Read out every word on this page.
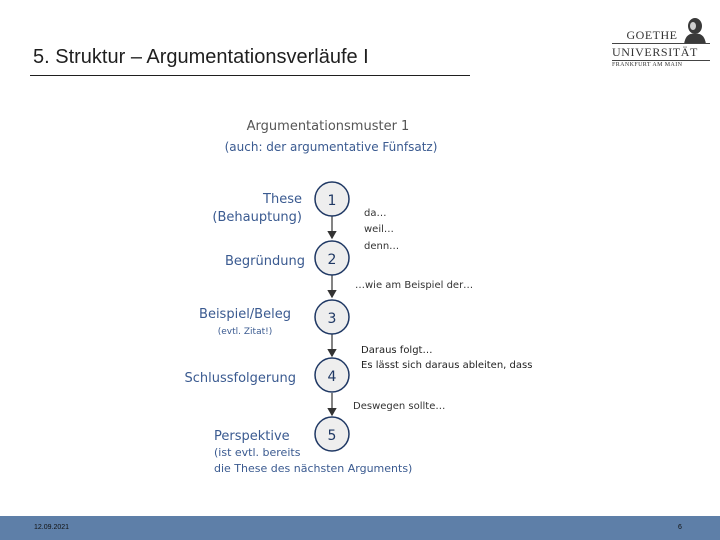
5. Struktur – Argumentationsverläufe I
GOETHE
UNIVERSITÄT
FRANKFURT AM MAIN
Argumentationsmuster 1
(auch: der argumentative Fünfsatz)
1
These
(Behauptung)
2
Begründung
3
Beispiel/Beleg
(evtl. Zitat!)
4
Schlussfolgerung
5
Perspektive
(ist evtl. bereits
die These des nächsten Arguments)
da…
weil…
denn…
…wie am Beispiel der…
Daraus folgt…
Es lässt sich daraus ableiten, dass
Deswegen sollte…
12.09.2021	6
